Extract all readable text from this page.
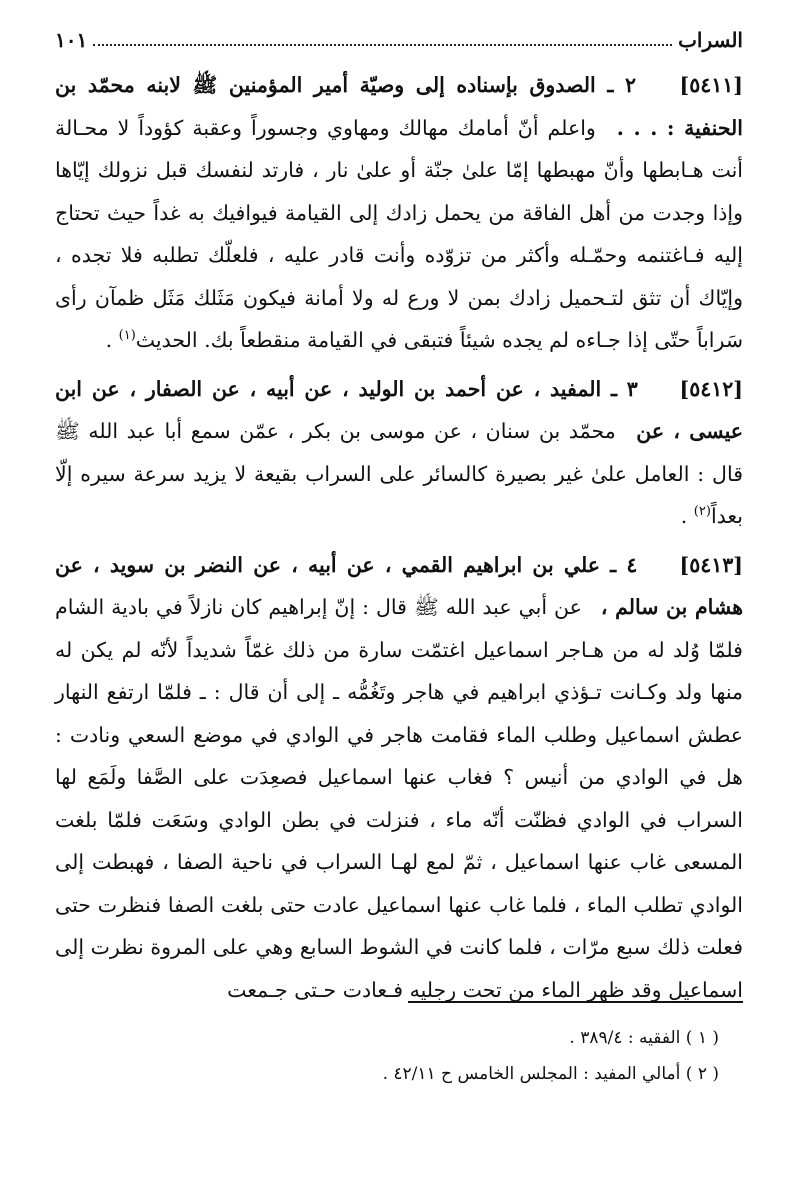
السراب
١٠١

[٥٤١١] ٢ ـ الصدوق بإسناده إلى وصيّة أمير المؤمنين ﷺ لابنه محمّد بن الحنفية : . . . واعلم أنّ أمامك مهالك ومهاوي وجسوراً وعقبة كؤوداً لا محـالة أنت هـابطها وأنّ مهبطها إمّا علىٰ جنّة أو علىٰ نار ، فارتد لنفسك قبل نزولك إيّاها وإذا وجدت من أهل الفاقة من يحمل زادك إلى القيامة فيوافيك به غداً حيث تحتاج إليه فـاغتنمه وحمّـله وأكثر من تزوّده وأنت قادر عليه ، فلعلّك تطلبه فلا تجده ، وإيّاك أن تثق لتـحميل زادك بمن لا ورع له ولا أمانة فيكون مَثَلك مَثَل ظمآن رأى سَراباً حتّى إذا جـاءه لم يجده شيئاً فتبقى في القيامة منقطعاً بك. الحديث$^{(١)}$ .

[٥٤١٢] ٣ ـ المفيد ، عن أحمد بن الوليد ، عن أبيه ، عن الصفار ، عن ابن عيسى ، عن محمّد بن سنان ، عن موسى بن بكر ، عمّن سمع أبا عبد الله ﷺ قال : العامل علىٰ غير بصيرة كالسائر على السراب بقيعة لا يزيد سرعة سيره إلّا بعداً$^{(٢)}$ .

[٥٤١٣] ٤ ـ علي بن ابراهيم القمي ، عن أبيه ، عن النضر بن سويد ، عن هشام بن سالم ، عن أبي عبد الله ﷺ قال : إنّ إبراهيم كان نازلاً في بادية الشام فلمّا وُلد له من هـاجر اسماعيل اغتمّت سارة من ذلك غمّاً شديداً لأنّه لم يكن له منها ولد وكـانت تـؤذي ابراهيم في هاجر وتَغُمُّه ـ إلى أن قال : ـ فلمّا ارتفع النهار عطش اسماعيل وطلب الماء فقامت هاجر في الوادي في موضع السعي ونادت : هل في الوادي من أنيس ؟ فغاب عنها اسماعيل فصعِدَت على الصَّفا ولَمَع لها السراب في الوادي فظنّت أنّه ماء ، فنزلت في بطن الوادي وسَعَت فلمّا بلغت المسعى غاب عنها اسماعيل ، ثمّ لمع لهـا السراب في ناحية الصفا ، فهبطت إلى الوادي تطلب الماء ، فلما غاب عنها اسماعيل عادت حتى بلغت الصفا فنظرت حتى فعلت ذلك سبع مرّات ، فلما كانت في الشوط السابع وهي على المروة نظرت إلى اسماعيل وقد ظهر الماء من تحت رجليه فـعادت حـتى جـمعت

( ١ ) الفقيه : ٣٨٩/٤ .
( ٢ ) أمالي المفيد : المجلس الخامس ح ٤٢/١١ .
